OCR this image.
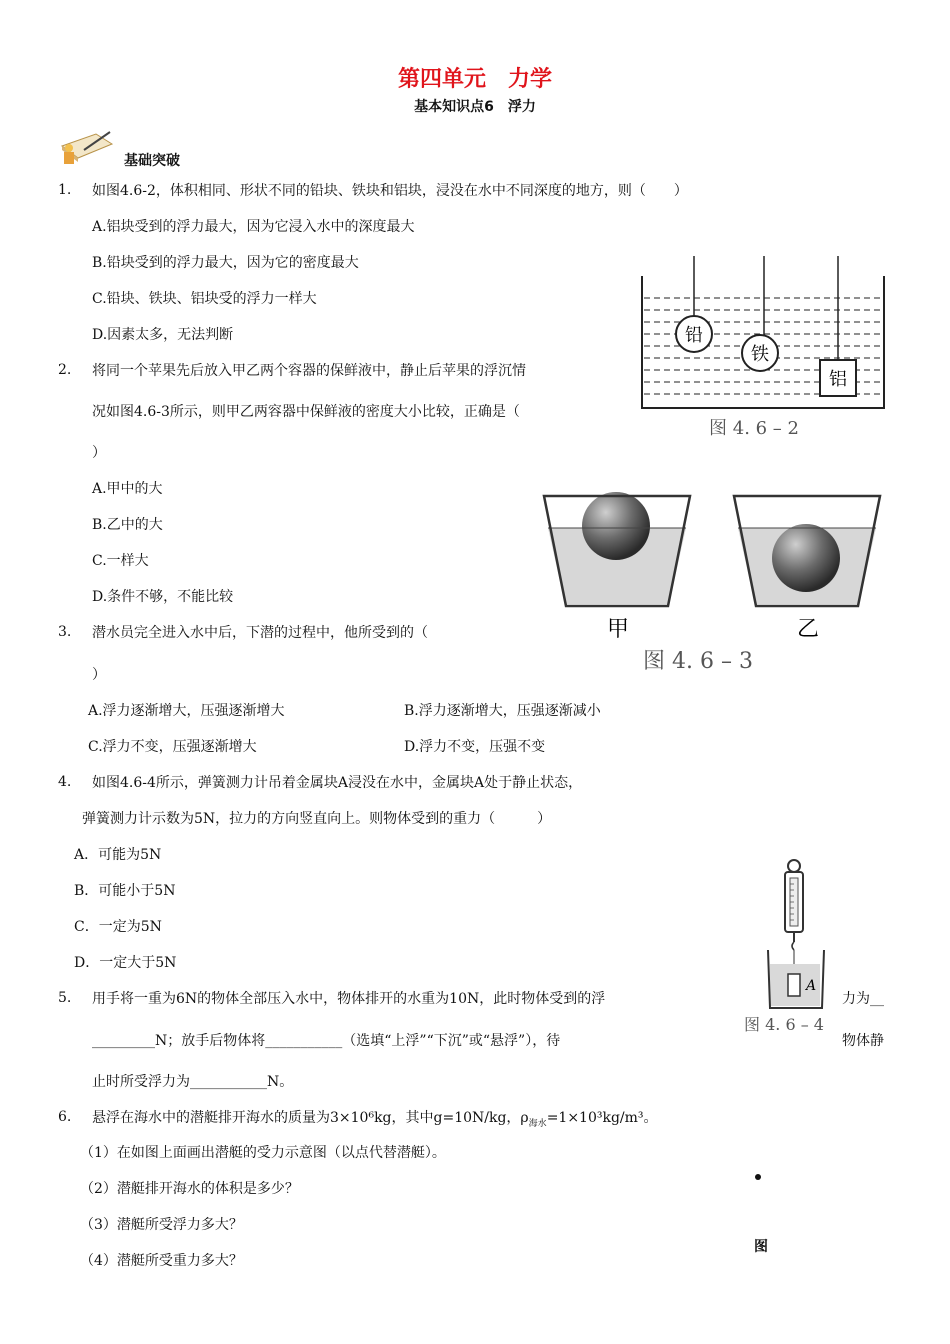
第四单元　力学
基本知识点6　浮力
基础突破
1. 如图4.6-2，体积相同、形状不同的铅块、铁块和铝块，浸没在水中不同深度的地方，则（　　）
A.铝块受到的浮力最大，因为它浸入水中的深度最大
B.铅块受到的浮力最大，因为它的密度最大
C.铅块、铁块、铝块受的浮力一样大
D.因素太多，无法判断	铅
铁
铝
图 4. 6 – 2
2. 将同一个苹果先后放入甲乙两个容器的保鲜液中，静止后苹果的浮沉情
况如图4.6-3所示，则甲乙两容器中保鲜液的密度大小比较，正确是（
）
A.甲中的大
B.乙中的大
C.一样大
D.条件不够，不能比较
甲	乙
图 4. 6 – 3
3. 潜水员完全进入水中后，下潜的过程中，他所受到的（
）
A.浮力逐渐增大，压强逐渐增大	B.浮力逐渐增大，压强逐渐减小
C.浮力不变，压强逐渐增大	D.浮力不变，压强不变
4. 如图4.6-4所示，弹簧测力计吊着金属块A浸没在水中，金属块A处于静止状态，
弹簧测力计示数为5N，拉力的方向竖直向上。则物体受到的重力（　　　）
A．可能为5N
B．可能小于5N
C．一定为5N
D．一定大于5N
A
图 4. 6 – 4
5. 用手将一重为6N的物体全部压入水中，物体排开的水重为10N，此时物体受到的浮	力为__
_________N；放手后物体将___________（选填“上浮”“下沉”或“悬浮”），待	物体静
止时所受浮力为___________N。
6. 悬浮在海水中的潜艇排开海水的质量为3×10⁶kg，其中g=10N/kg，$\rho_{海水}=1\times 10^3kg/m^3$。
（1）在如图上面画出潜艇的受力示意图（以点代替潜艇）。
（2）潜艇排开海水的体积是多少？
（3）潜艇所受浮力多大？
（4）潜艇所受重力多大？
图
